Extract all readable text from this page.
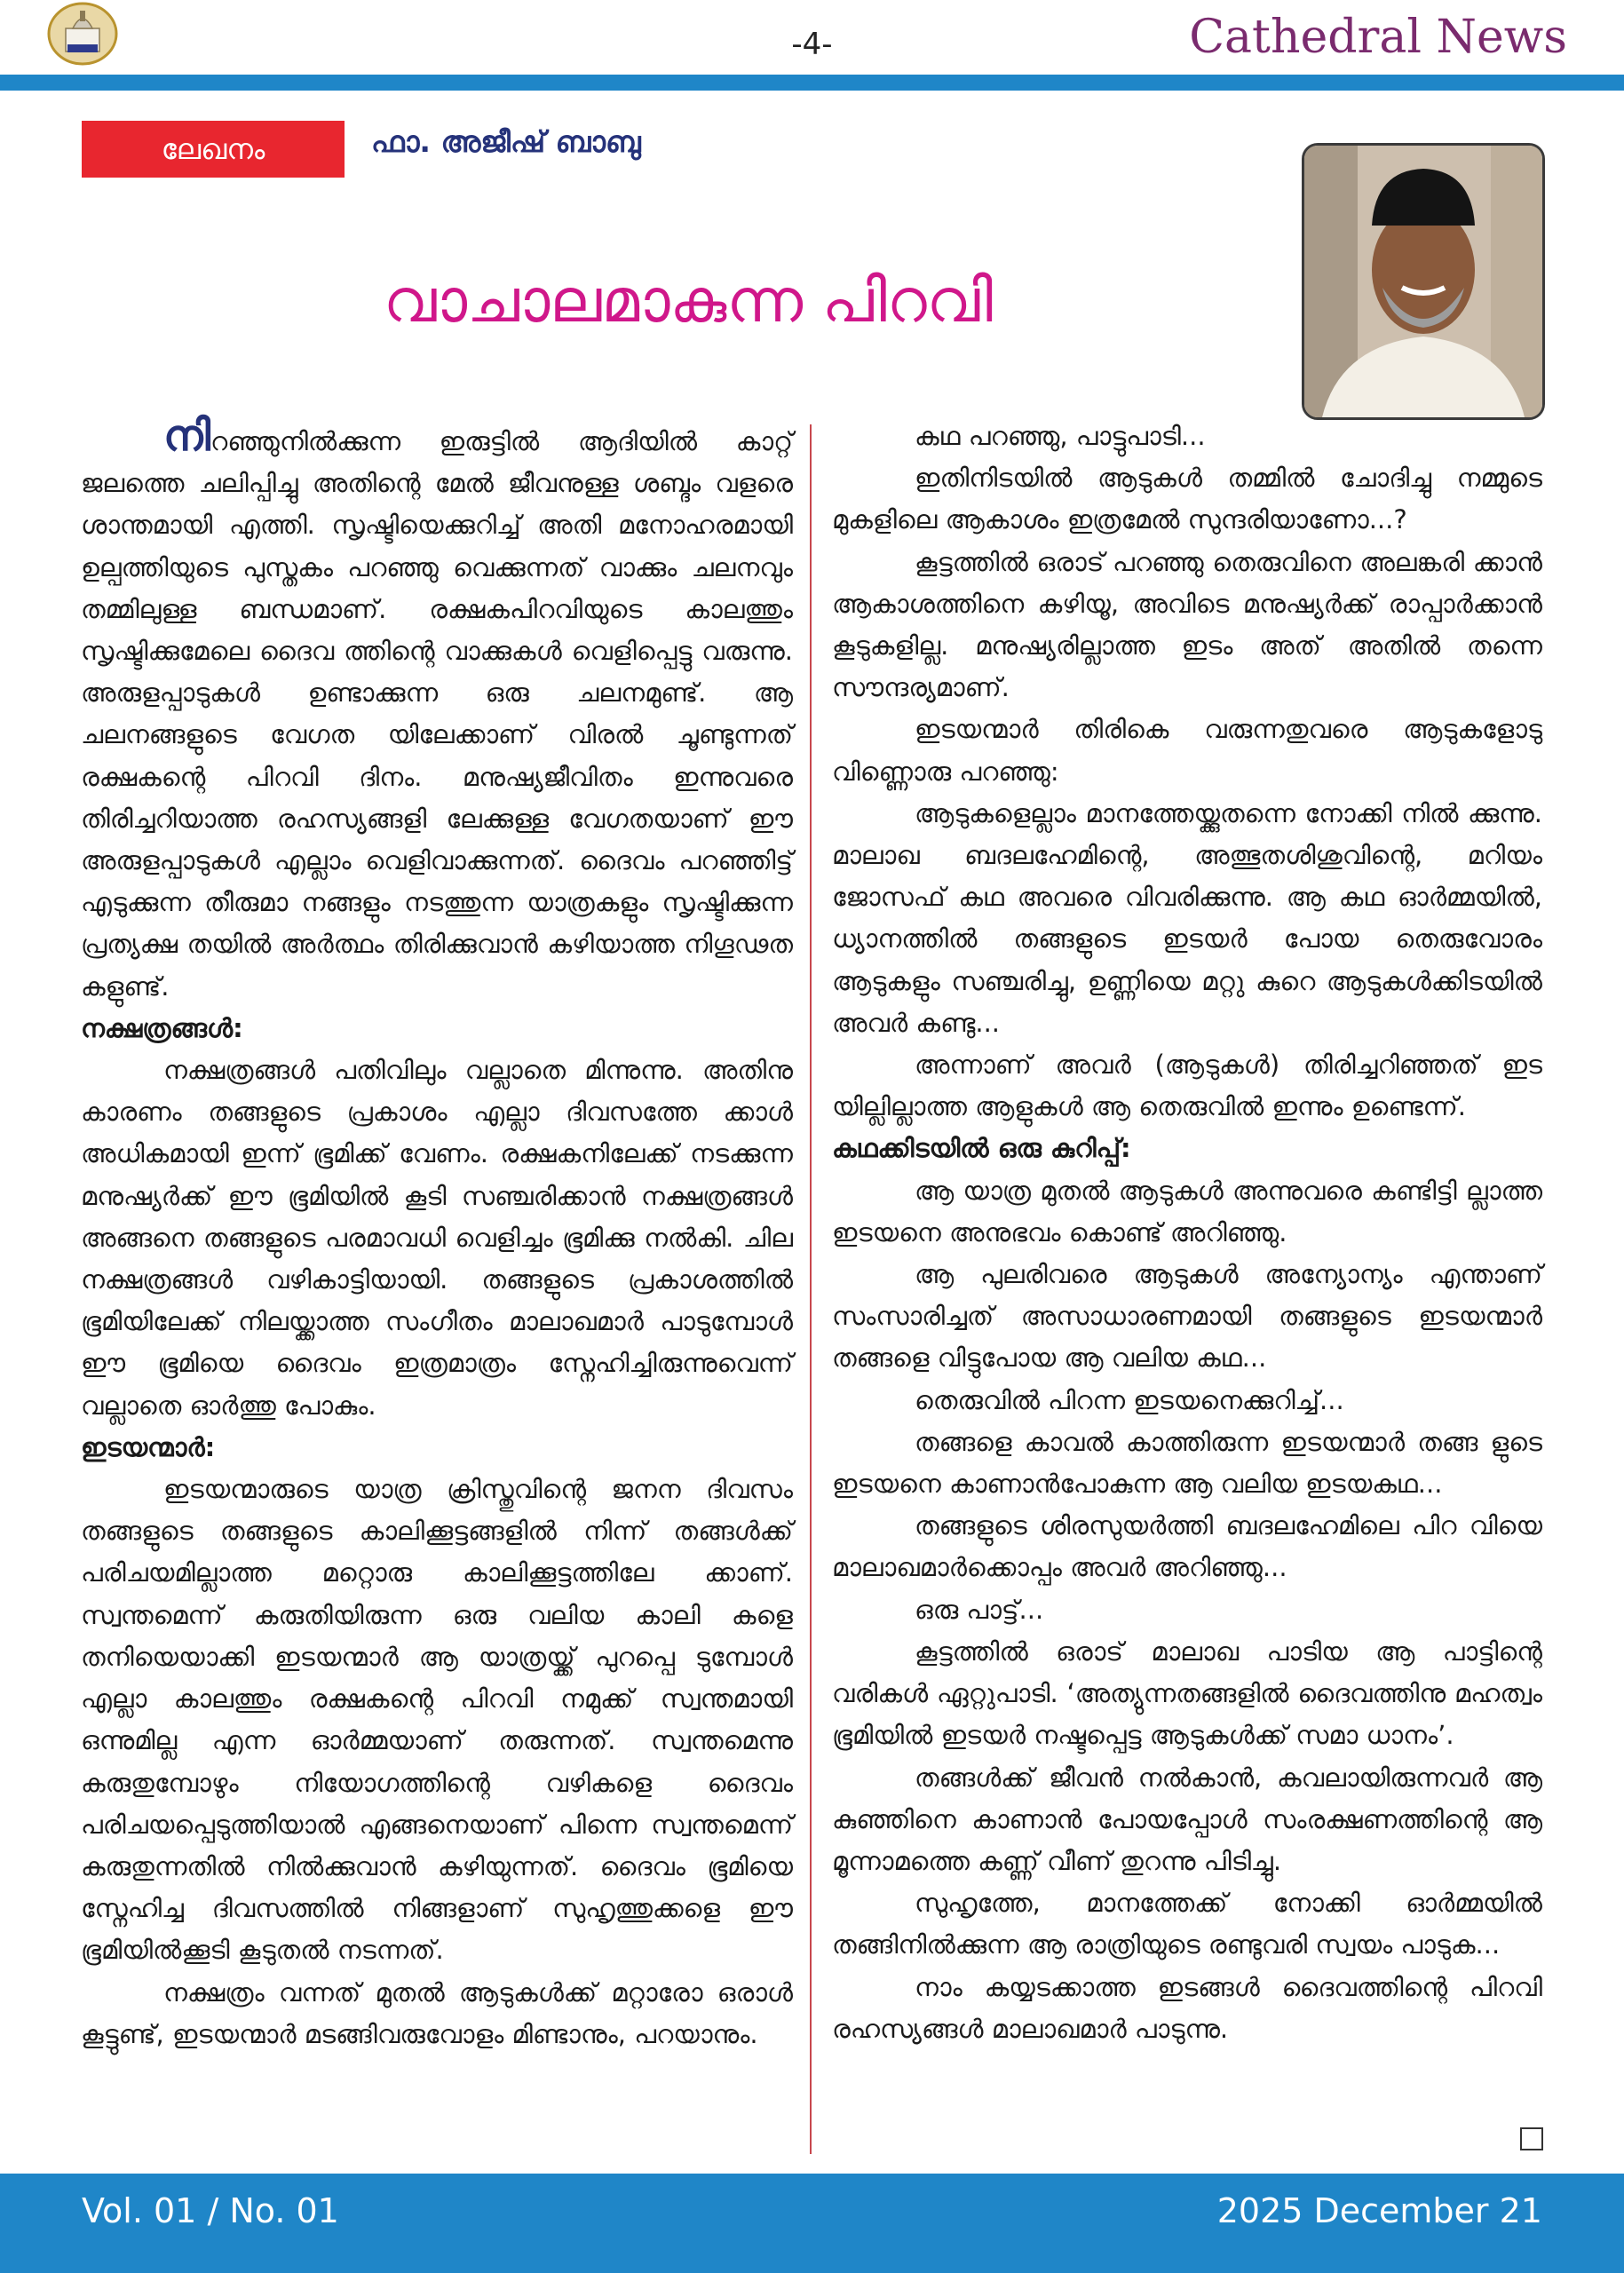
-4-	Cathedral News
ലേഖനം	ഫാ. അജീഷ് ബാബു
വാചാലമാകുന്ന പിറവി

നിറഞ്ഞുനിൽക്കുന്ന ഇരുട്ടിൽ ആദിയിൽ കാറ്റ് ജലത്തെ ചലിപ്പിച്ചു അതിന്റെ മേൽ ജീവനുള്ള ശബ്ദം വളരെ ശാന്തമായി എത്തി. സൃഷ്ടിയെക്കുറിച്ച് അതി മനോഹരമായി ഉല്പത്തിയുടെ പുസ്തകം പറഞ്ഞു വെക്കുന്നത് വാക്കും ചലനവും തമ്മിലുള്ള ബന്ധമാണ്. രക്ഷകപിറവിയുടെ കാലത്തും സൃഷ്ടിക്കുമേലെ ദൈവ ത്തിന്റെ വാക്കുകൾ വെളിപ്പെട്ടു വരുന്നു. അരുളപ്പാടുകൾ ഉണ്ടാക്കുന്ന ഒരു ചലനമുണ്ട്. ആ ചലനങ്ങളുടെ വേഗത യിലേക്കാണ് വിരൽ ചൂണ്ടുന്നത് രക്ഷകന്റെ പിറവി ദിനം. മനുഷ്യജീവിതം ഇന്നുവരെ തിരിച്ചറിയാത്ത രഹസ്യങ്ങളി ലേക്കുള്ള വേഗതയാണ് ഈ അരുളപ്പാടുകൾ എല്ലാം വെളിവാക്കുന്നത്. ദൈവം പറഞ്ഞിട്ട് എടുക്കുന്ന തീരുമാ നങ്ങളും നടത്തുന്ന യാത്രകളും സൃഷ്ടിക്കുന്ന പ്രത്യക്ഷ തയിൽ അർത്ഥം തിരിക്കുവാൻ കഴിയാത്ത നിഗൂഢത കളുണ്ട്.

നക്ഷത്രങ്ങൾ:

നക്ഷത്രങ്ങൾ പതിവിലും വല്ലാതെ മിന്നുന്നു. അതിനു കാരണം തങ്ങളുടെ പ്രകാശം എല്ലാ ദിവസത്തേ ക്കാൾ അധികമായി ഇന്ന് ഭൂമിക്ക് വേണം. രക്ഷകനിലേക്ക് നടക്കുന്ന മനുഷ്യർക്ക് ഈ ഭൂമിയിൽ കൂടി സഞ്ചരിക്കാൻ നക്ഷത്രങ്ങൾ അങ്ങനെ തങ്ങളുടെ പരമാവധി വെളിച്ചം ഭൂമിക്കു നൽകി. ചില നക്ഷത്രങ്ങൾ വഴികാട്ടിയായി. തങ്ങളുടെ പ്രകാശത്തിൽ ഭൂമിയിലേക്ക് നിലയ്ക്കാത്ത സംഗീതം മാലാഖമാർ പാടുമ്പോൾ ഈ ഭൂമിയെ ദൈവം ഇത്രമാത്രം സ്നേഹിച്ചിരുന്നുവെന്ന് വല്ലാതെ ഓർത്തു പോകും.

ഇടയന്മാർ:

ഇടയന്മാരുടെ യാത്ര ക്രിസ്തുവിന്റെ ജനന ദിവസം തങ്ങളുടെ തങ്ങളുടെ കാലിക്കൂട്ടങ്ങളിൽ നിന്ന് തങ്ങൾക്ക് പരിചയമില്ലാത്ത മറ്റൊരു കാലിക്കൂട്ടത്തിലേ ക്കാണ്. സ്വന്തമെന്ന് കരുതിയിരുന്ന ഒരു വലിയ കാലി കളെ തനിയെയാക്കി ഇടയന്മാർ ആ യാത്രയ്ക്ക് പുറപ്പെ ടുമ്പോൾ എല്ലാ കാലത്തും രക്ഷകന്റെ പിറവി നമുക്ക് സ്വന്തമായി ഒന്നുമില്ല എന്ന ഓർമ്മയാണ് തരുന്നത്. സ്വന്തമെന്നു കരുതുമ്പോഴും നിയോഗത്തിന്റെ വഴികളെ ദൈവം പരിചയപ്പെടുത്തിയാൽ എങ്ങനെയാണ് പിന്നെ സ്വന്തമെന്ന് കരുതുന്നതിൽ നിൽക്കുവാൻ കഴിയുന്നത്. ദൈവം ഭൂമിയെ സ്നേഹിച്ച ദിവസത്തിൽ നിങ്ങളാണ് സുഹൃത്തുക്കളെ ഈ ഭൂമിയിൽക്കൂടി കൂടുതൽ നടന്നത്.

നക്ഷത്രം വന്നത് മുതൽ ആടുകൾക്ക് മറ്റാരോ ഒരാൾ കൂട്ടുണ്ട്, ഇടയന്മാർ മടങ്ങിവരുവോളം മിണ്ടാനും, പറയാനും.

കഥ പറഞ്ഞു, പാട്ടുപാടി...

ഇതിനിടയിൽ ആടുകൾ തമ്മിൽ ചോദിച്ചു നമ്മുടെ മുകളിലെ ആകാശം ഇത്രമേൽ സുന്ദരിയാണോ...?

കൂട്ടത്തിൽ ഒരാട് പറഞ്ഞു തെരുവിനെ അലങ്കരി ക്കാൻ ആകാശത്തിനെ കഴിയൂ, അവിടെ മനുഷ്യർക്ക് രാപ്പാർക്കാൻ കൂടുകളില്ല. മനുഷ്യരില്ലാത്ത ഇടം അത് അതിൽ തന്നെ സൗന്ദര്യമാണ്.

ഇടയന്മാർ തിരികെ വരുന്നതുവരെ ആടുകളോടു വിണ്ണൊരു പറഞ്ഞു:

ആടുകളെല്ലാം മാനത്തേയ്ക്കുതന്നെ നോക്കി നിൽ ക്കുന്നു. മാലാഖ ബദലഹേമിന്റെ, അത്ഭുതശിശുവിന്റെ, മറിയം ജോസഫ് കഥ അവരെ വിവരിക്കുന്നു. ആ കഥ ഓർമ്മയിൽ, ധ്യാനത്തിൽ തങ്ങളുടെ ഇടയർ പോയ തെരുവോരം ആടുകളും സഞ്ചരിച്ചു, ഉണ്ണിയെ മറ്റു കുറെ ആടുകൾക്കിടയിൽ അവർ കണ്ടു...

അന്നാണ് അവർ (ആടുകൾ) തിരിച്ചറിഞ്ഞത് ഇട യില്ലില്ലാത്ത ആളുകൾ ആ തെരുവിൽ ഇന്നും ഉണ്ടെന്ന്.

കഥക്കിടയിൽ ഒരു കുറിപ്പ്:

ആ യാത്ര മുതൽ ആടുകൾ അന്നുവരെ കണ്ടിട്ടി ല്ലാത്ത ഇടയനെ അനുഭവം കൊണ്ട് അറിഞ്ഞു.

ആ പുലരിവരെ ആടുകൾ അന്യോന്യം എന്താണ് സംസാരിച്ചത് അസാധാരണമായി തങ്ങളുടെ ഇടയന്മാർ തങ്ങളെ വിട്ടുപോയ ആ വലിയ കഥ...

തെരുവിൽ പിറന്ന ഇടയനെക്കുറിച്ച്...

തങ്ങളെ കാവൽ കാത്തിരുന്ന ഇടയന്മാർ തങ്ങ ളുടെ ഇടയനെ കാണാൻപോകുന്ന ആ വലിയ ഇടയകഥ...

തങ്ങളുടെ ശിരസുയർത്തി ബദലഹേമിലെ പിറ വിയെ മാലാഖമാർക്കൊപ്പം അവർ അറിഞ്ഞു...

ഒരു പാട്ട്...

കൂട്ടത്തിൽ ഒരാട് മാലാഖ പാടിയ ആ പാട്ടിന്റെ വരികൾ ഏറ്റുപാടി. ‘അത്യുന്നതങ്ങളിൽ ദൈവത്തിനു മഹത്വം ഭൂമിയിൽ ഇടയർ നഷ്ടപ്പെട്ട ആടുകൾക്ക് സമാ ധാനം’.

തങ്ങൾക്ക് ജീവൻ നൽകാൻ, കവലായിരുന്നവർ ആ കുഞ്ഞിനെ കാണാൻ പോയപ്പോൾ സംരക്ഷണത്തിന്റെ ആ മൂന്നാമത്തെ കണ്ണ് വീണ് തുറന്നു പിടിച്ചു.

സുഹൃത്തേ, മാനത്തേക്ക് നോക്കി ഓർമ്മയിൽ തങ്ങിനിൽക്കുന്ന ആ രാത്രിയുടെ രണ്ടുവരി സ്വയം പാടുക...

നാം കയ്യടക്കാത്ത ഇടങ്ങൾ ദൈവത്തിന്റെ പിറവി രഹസ്യങ്ങൾ മാലാഖമാർ പാടുന്നു.

Vol. 01 / No. 01	2025 December 21
